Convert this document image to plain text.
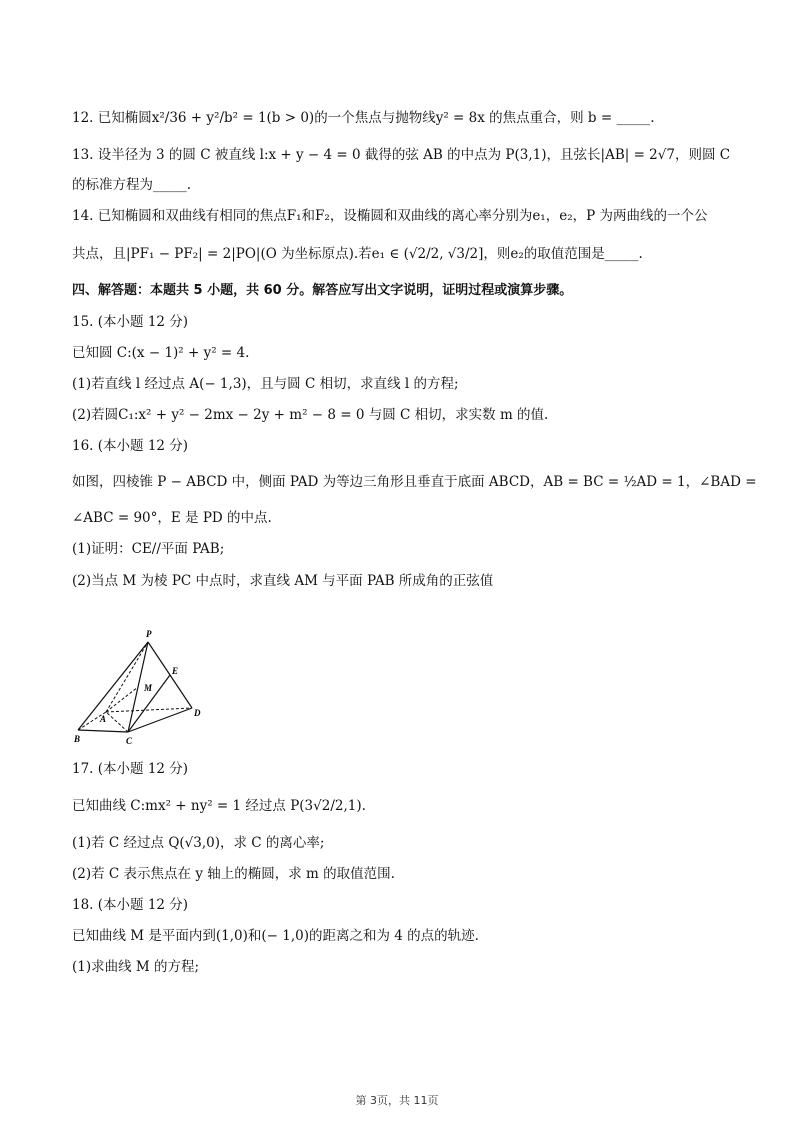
12. 已知椭圆x²/36 + y²/b² = 1(b > 0)的一个焦点与抛物线y² = 8x 的焦点重合，则 b = _____.
13. 设半径为 3 的圆 C 被直线 l:x + y − 4 = 0 截得的弦 AB 的中点为 P(3,1)，且弦长|AB| = 2√7，则圆 C
的标准方程为_____.
14. 已知椭圆和双曲线有相同的焦点F₁和F₂，设椭圆和双曲线的离心率分别为e₁，e₂，P 为两曲线的一个公
共点，且|PF₁ − PF₂| = 2|PO|(O 为坐标原点).若e₁ ∈ (√2/2, √3/2]，则e₂的取值范围是_____.
四、解答题：本题共 5 小题，共 60 分。解答应写出文字说明，证明过程或演算步骤。
15. (本小题 12 分)
已知圆 C:(x − 1)² + y² = 4.
(1)若直线 l 经过点 A(− 1,3)，且与圆 C 相切，求直线 l 的方程;
(2)若圆C₁:x² + y² − 2mx − 2y + m² − 8 = 0 与圆 C 相切，求实数 m 的值.
16. (本小题 12 分)
如图，四棱锥 P − ABCD 中，侧面 PAD 为等边三角形且垂直于底面 ABCD，AB = BC = ½AD = 1，∠BAD =
∠ABC = 90°，E 是 PD 的中点.
(1)证明：CE//平面 PAB;
(2)当点 M 为棱 PC 中点时，求直线 AM 与平面 PAB 所成角的正弦值
P
E
M
A
D
B	C
17. (本小题 12 分)
已知曲线 C:mx² + ny² = 1 经过点 P(3√2/2,1).
(1)若 C 经过点 Q(√3,0)，求 C 的离心率;
(2)若 C 表示焦点在 y 轴上的椭圆，求 m 的取值范围.
18. (本小题 12 分)
已知曲线 M 是平面内到(1,0)和(− 1,0)的距离之和为 4 的点的轨迹.
(1)求曲线 M 的方程;
第 3页，共 11页
